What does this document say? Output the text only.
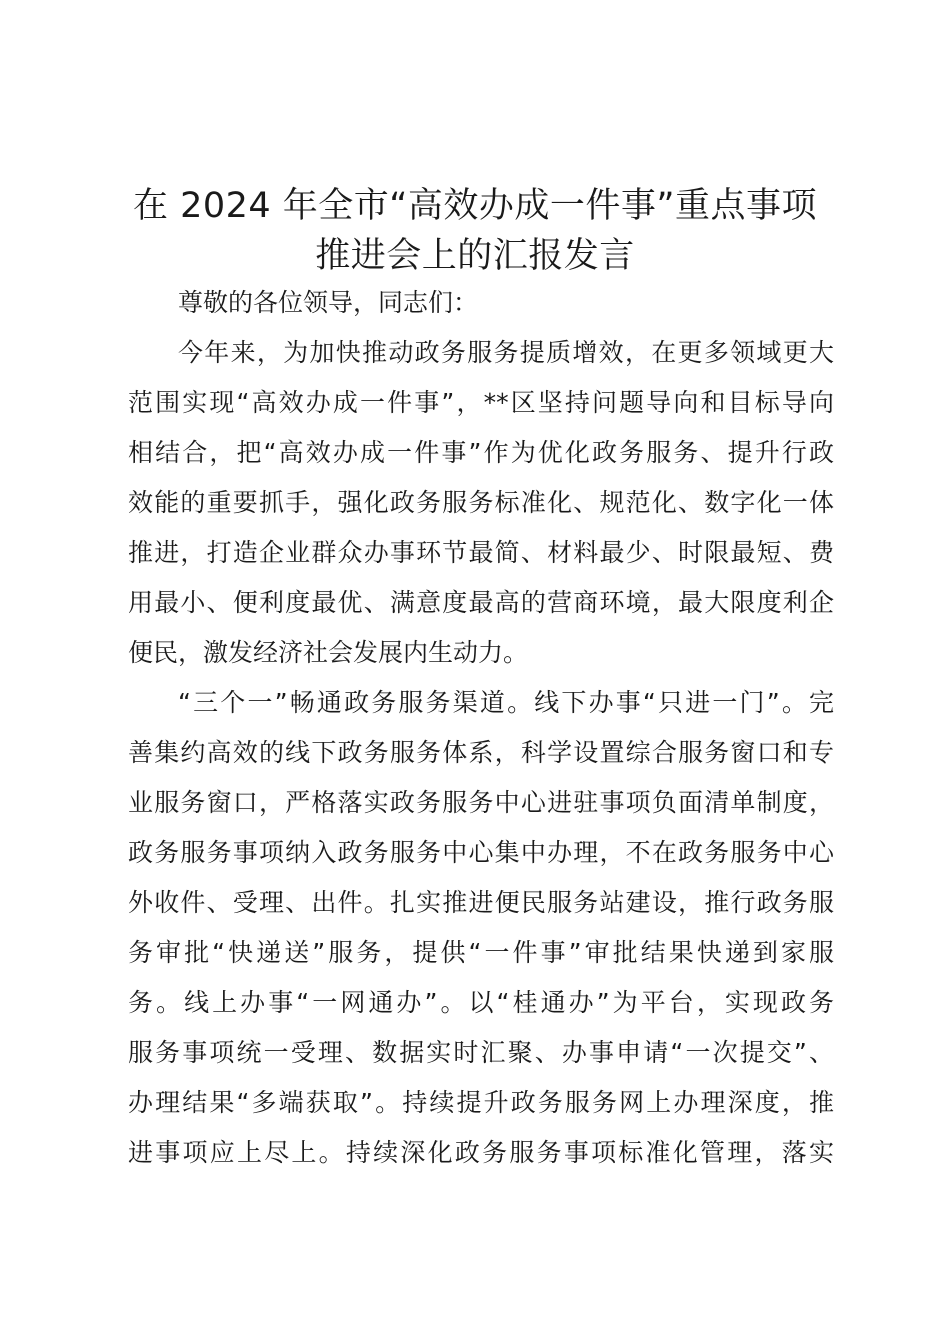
在 2024 年全市“高效办成一件事”重点事项
推进会上的汇报发言
尊敬的各位领导，同志们：
今年来，为加快推动政务服务提质增效，在更多领域更大
范围实现“高效办成一件事”，**区坚持问题导向和目标导向
相结合，把“高效办成一件事”作为优化政务服务、提升行政
效能的重要抓手，强化政务服务标准化、规范化、数字化一体
推进，打造企业群众办事环节最简、材料最少、时限最短、费
用最小、便利度最优、满意度最高的营商环境，最大限度利企
便民，激发经济社会发展内生动力。
“三个一”畅通政务服务渠道。线下办事“只进一门”。完
善集约高效的线下政务服务体系，科学设置综合服务窗口和专
业服务窗口，严格落实政务服务中心进驻事项负面清单制度，
政务服务事项纳入政务服务中心集中办理，不在政务服务中心
外收件、受理、出件。扎实推进便民服务站建设，推行政务服
务审批“快递送”服务，提供“一件事”审批结果快递到家服
务。线上办事“一网通办”。以“桂通办”为平台，实现政务
服务事项统一受理、数据实时汇聚、办事申请“一次提交”、
办理结果“多端获取”。持续提升政务服务网上办理深度，推
进事项应上尽上。持续深化政务服务事项标准化管理，落实
